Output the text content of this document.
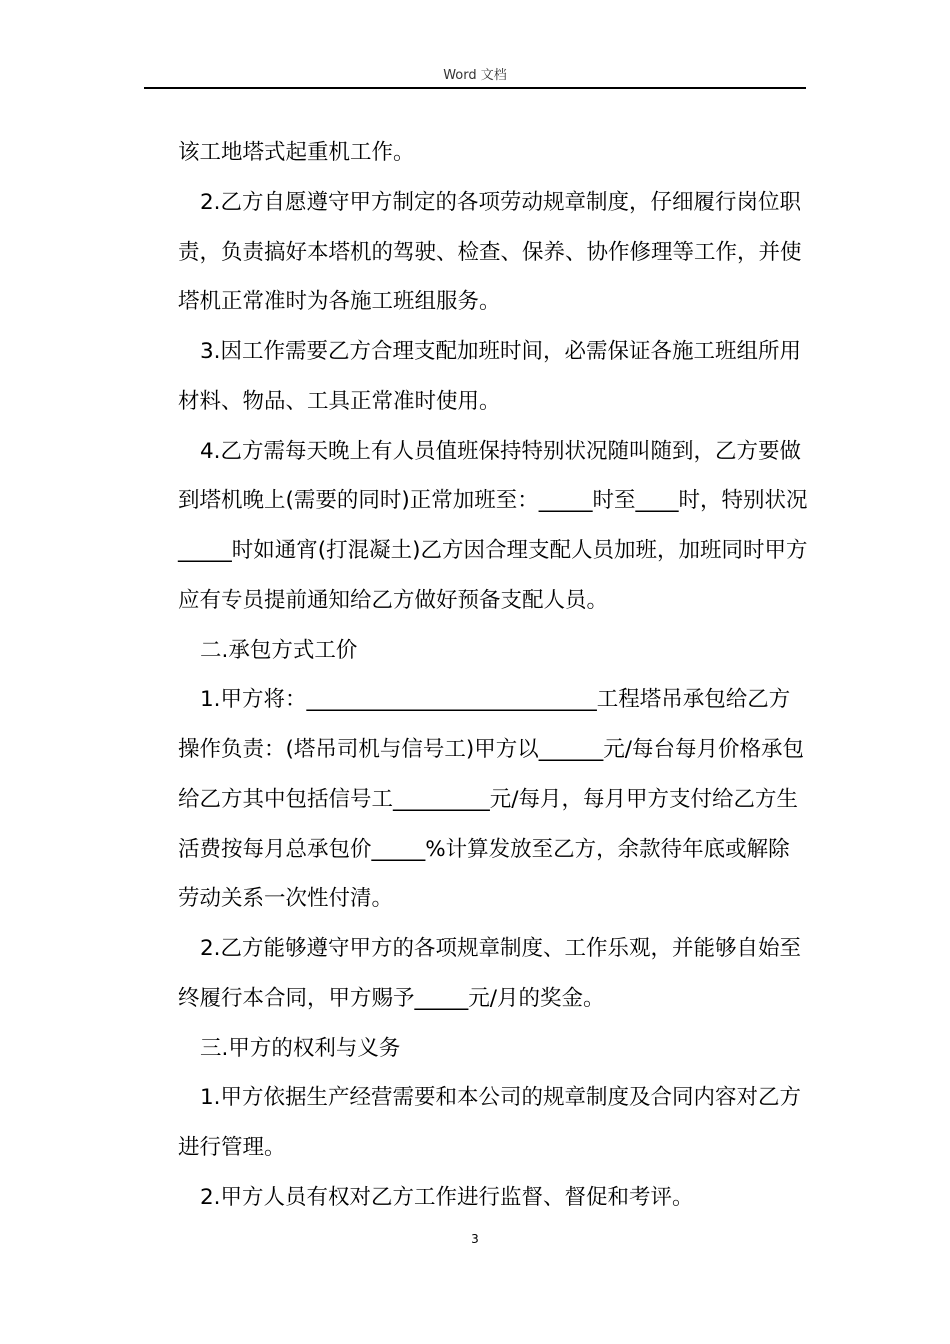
Word 文档

该工地塔式起重机工作。

2.乙方自愿遵守甲方制定的各项劳动规章制度，仔细履行岗位职责，负责搞好本塔机的驾驶、检查、保养、协作修理等工作，并使塔机正常准时为各施工班组服务。

3.因工作需要乙方合理支配加班时间，必需保证各施工班组所用材料、物品、工具正常准时使用。

4.乙方需每天晚上有人员值班保持特别状况随叫随到，乙方要做到塔机晚上(需要的同时)正常加班至：_____时至____时，特别状况_____时如通宵(打混凝土)乙方因合理支配人员加班，加班同时甲方应有专员提前通知给乙方做好预备支配人员。

二.承包方式工价

1.甲方将：___________________________工程塔吊承包给乙方操作负责：(塔吊司机与信号工)甲方以______元/每台每月价格承包给乙方其中包括信号工_________元/每月，每月甲方支付给乙方生活费按每月总承包价_____%计算发放至乙方，余款待年底或解除劳动关系一次性付清。

2.乙方能够遵守甲方的各项规章制度、工作乐观，并能够自始至终履行本合同，甲方赐予_____元/月的奖金。

三.甲方的权利与义务

1.甲方依据生产经营需要和本公司的规章制度及合同内容对乙方进行管理。

2.甲方人员有权对乙方工作进行监督、督促和考评。

3
